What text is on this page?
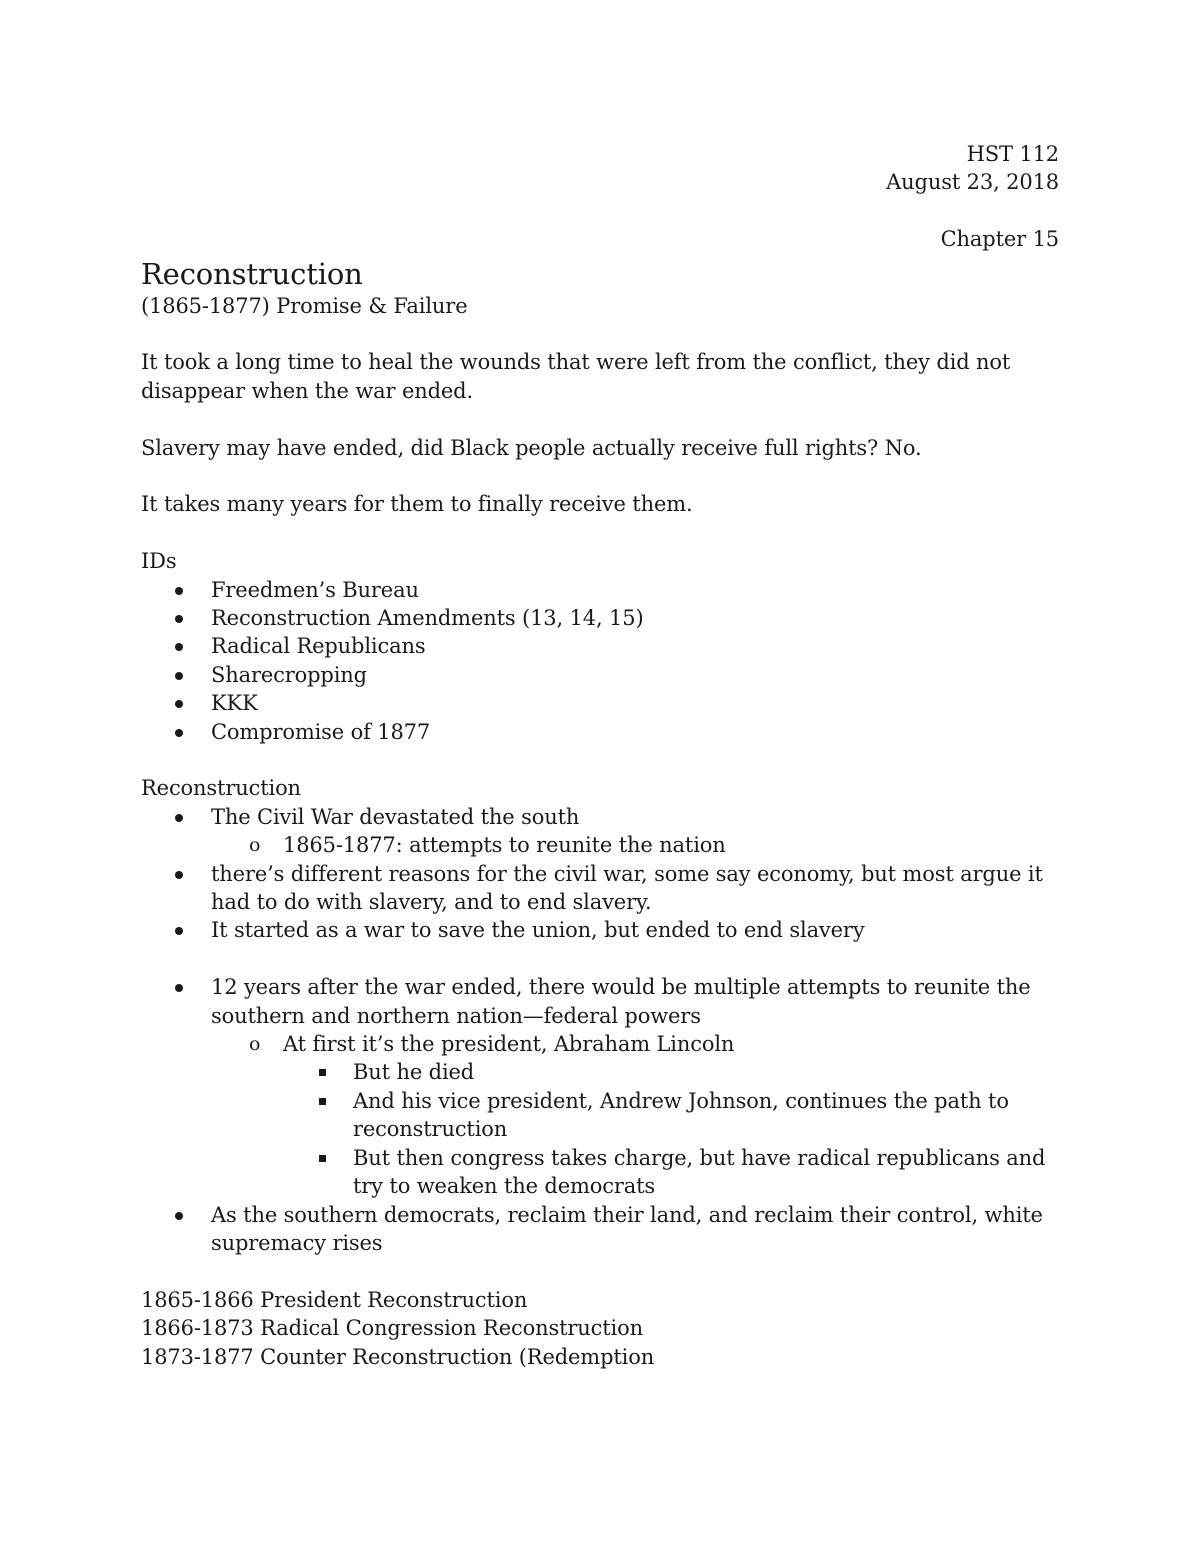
HST 112

August 23, 2018

Chapter 15

Reconstruction

(1865-1877) Promise & Failure

It took a long time to heal the wounds that were left from the conflict, they did not disappear when the war ended.

Slavery may have ended, did Black people actually receive full rights? No.

It takes many years for them to finally receive them.

IDs

Freedmen’s Bureau
Reconstruction Amendments (13, 14, 15)
Radical Republicans
Sharecropping
KKK
Compromise of 1877

Reconstruction

The Civil War devastated the south
o 1865-1877: attempts to reunite the nation
there’s different reasons for the civil war, some say economy, but most argue it had to do with slavery, and to end slavery.
It started as a war to save the union, but ended to end slavery
12 years after the war ended, there would be multiple attempts to reunite the southern and northern nation—federal powers
o At first it’s the president, Abraham Lincoln
But he died
And his vice president, Andrew Johnson, continues the path to reconstruction
But then congress takes charge, but have radical republicans and try to weaken the democrats
As the southern democrats, reclaim their land, and reclaim their control, white supremacy rises

1865-1866 President Reconstruction

1866-1873 Radical Congression Reconstruction

1873-1877 Counter Reconstruction (Redemption
